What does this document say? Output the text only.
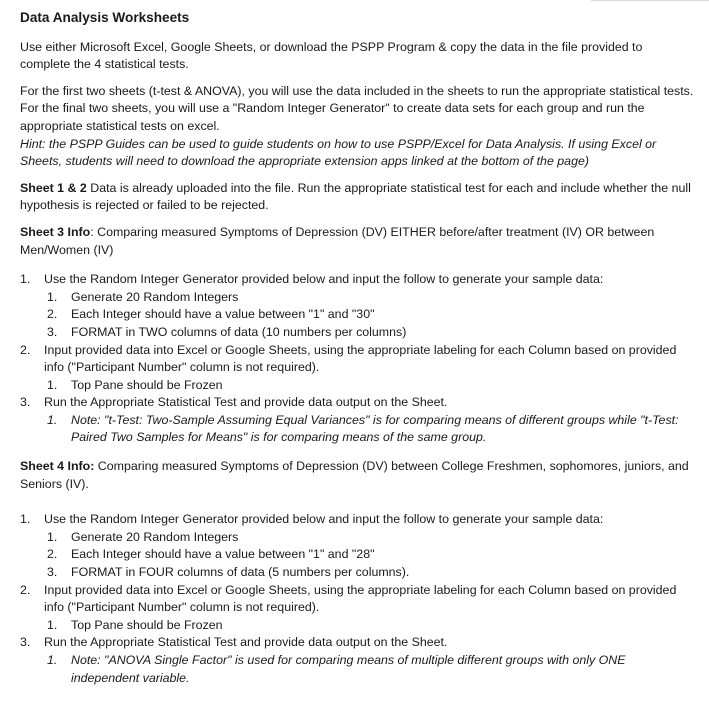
Data Analysis Worksheets

Use either Microsoft Excel, Google Sheets, or download the PSPP Program & copy the data in the file provided to complete the 4 statistical tests.

For the first two sheets (t-test & ANOVA), you will use the data included in the sheets to run the appropriate statistical tests. For the final two sheets, you will use a "Random Integer Generator" to create data sets for each group and run the appropriate statistical tests on excel.
Hint: the PSPP Guides can be used to guide students on how to use PSPP/Excel for Data Analysis. If using Excel or Sheets, students will need to download the appropriate extension apps linked at the bottom of the page)

Sheet 1 & 2 Data is already uploaded into the file. Run the appropriate statistical test for each and include whether the null hypothesis is rejected or failed to be rejected.

Sheet 3 Info: Comparing measured Symptoms of Depression (DV) EITHER before/after treatment (IV) OR between Men/Women (IV)

1.	Use the Random Integer Generator provided below and input the follow to generate your sample data:
1.	Generate 20 Random Integers
2.	Each Integer should have a value between "1" and "30"
3.	FORMAT in TWO columns of data (10 numbers per columns)
2.	Input provided data into Excel or Google Sheets, using the appropriate labeling for each Column based on provided info ("Participant Number" column is not required).
1.	Top Pane should be Frozen
3.	Run the Appropriate Statistical Test and provide data output on the Sheet.
1.	Note: "t-Test: Two-Sample Assuming Equal Variances" is for comparing means of different groups while "t-Test: Paired Two Samples for Means" is for comparing means of the same group.

Sheet 4 Info: Comparing measured Symptoms of Depression (DV) between College Freshmen, sophomores, juniors, and Seniors (IV).

1.	Use the Random Integer Generator provided below and input the follow to generate your sample data:
1.	Generate 20 Random Integers
2.	Each Integer should have a value between "1" and "28"
3.	FORMAT in FOUR columns of data (5 numbers per columns).
2.	Input provided data into Excel or Google Sheets, using the appropriate labeling for each Column based on provided info ("Participant Number" column is not required).
1.	Top Pane should be Frozen
3.	Run the Appropriate Statistical Test and provide data output on the Sheet.
1.	Note: "ANOVA Single Factor" is used for comparing means of multiple different groups with only ONE independent variable.
